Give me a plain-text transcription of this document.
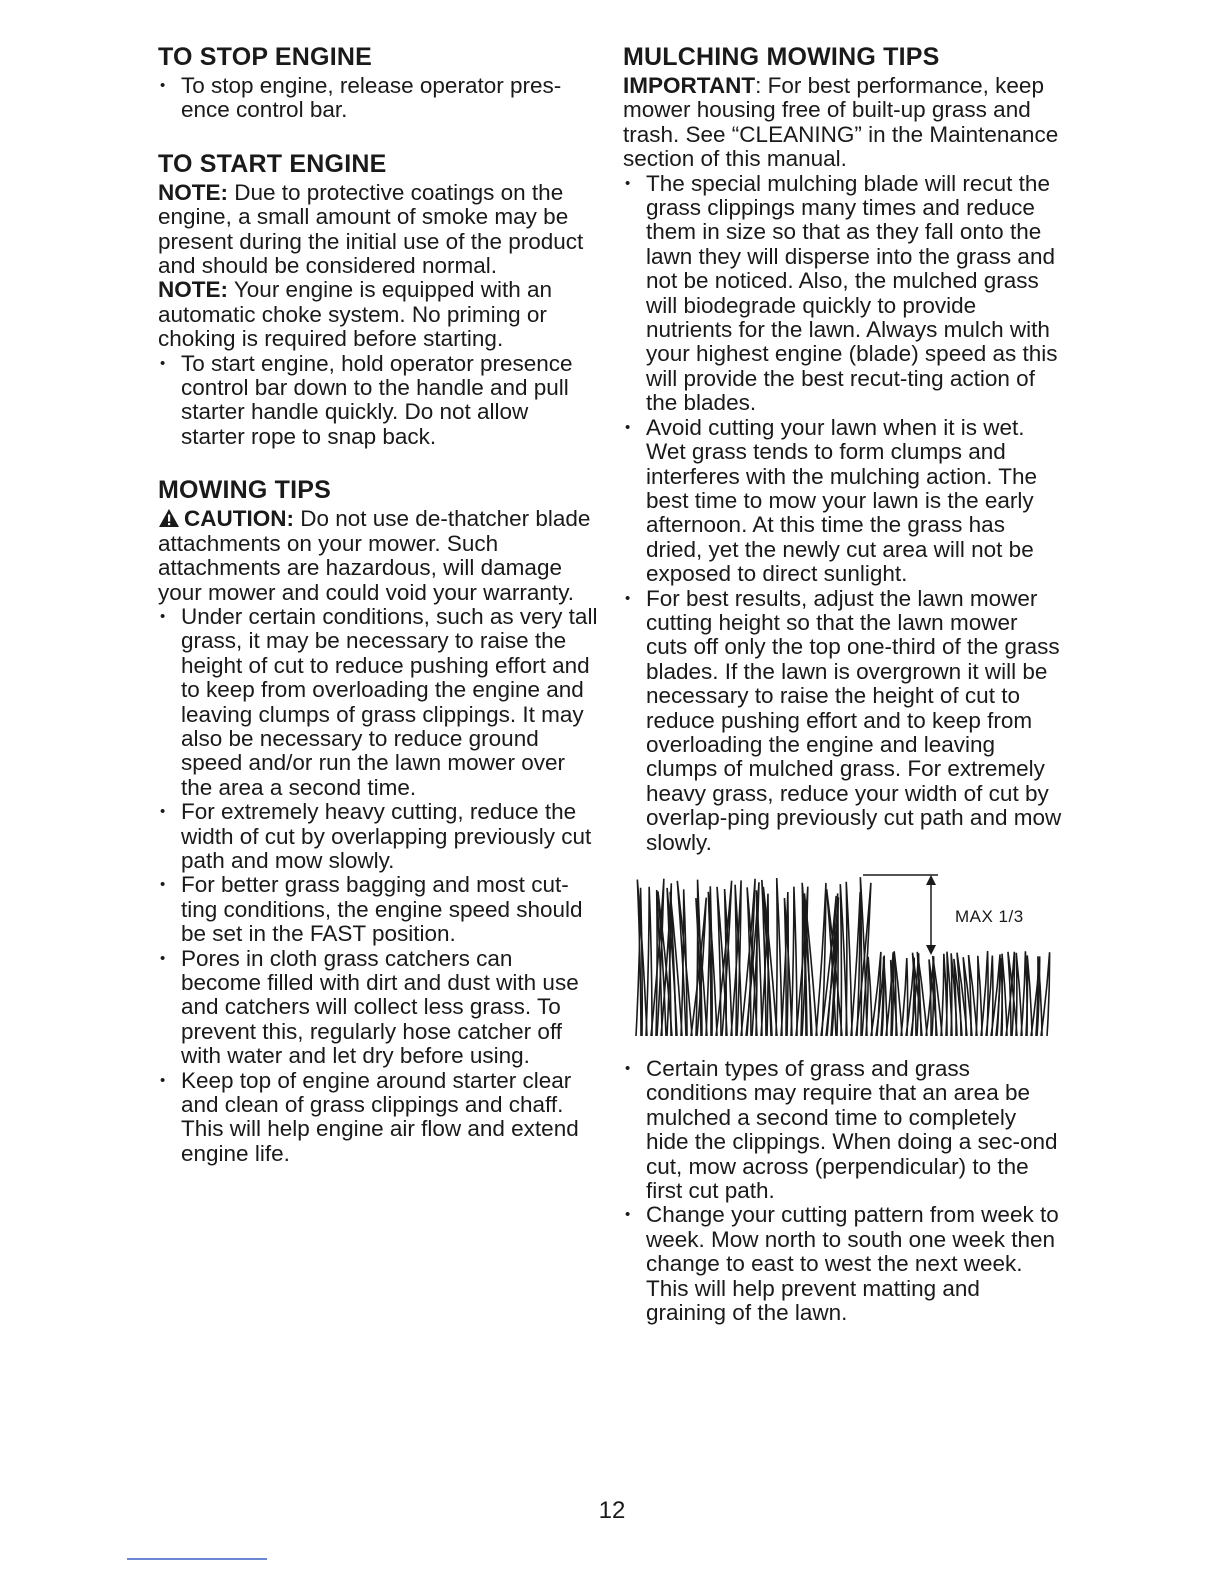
TO STOP ENGINE
• To stop engine, release operator pres-ence control bar.
TO START ENGINE

NOTE: Due to protective coatings on the engine, a small amount of smoke may be present during the initial use of the product and should be considered normal.

NOTE: Your engine is equipped with an automatic choke system. No priming or choking is required before starting.

• To start engine, hold operator presence control bar down to the handle and pull starter handle quickly. Do not allow starter rope to snap back.
MOWING TIPS

CAUTION: Do not use de-thatcher blade attachments on your mower. Such attachments are hazardous, will damage your mower and could void your warranty.

• Under certain conditions, such as very tall grass, it may be necessary to raise the height of cut to reduce pushing effort and to keep from overloading the engine and leaving clumps of grass clippings. It may also be necessary to reduce ground speed and/or run the lawn mower over the area a second time.
• For extremely heavy cutting, reduce the width of cut by overlapping previously cut path and mow slowly.
• For better grass bagging and most cut-ting conditions, the engine speed should be set in the FAST position.
• Pores in cloth grass catchers can become filled with dirt and dust with use and catchers will collect less grass. To prevent this, regularly hose catcher off with water and let dry before using.
• Keep top of engine around starter clear and clean of grass clippings and chaff. This will help engine air flow and extend engine life.
MULCHING MOWING TIPS

IMPORTANT: For best performance, keep mower housing free of built-up grass and trash. See “CLEANING” in the Maintenance section of this manual.

• The special mulching blade will recut the grass clippings many times and reduce them in size so that as they fall onto the lawn they will disperse into the grass and not be noticed. Also, the mulched grass will biodegrade quickly to provide nutrients for the lawn. Always mulch with your highest engine (blade) speed as this will provide the best recut-ting action of the blades.
• Avoid cutting your lawn when it is wet. Wet grass tends to form clumps and interferes with the mulching action. The best time to mow your lawn is the early afternoon. At this time the grass has dried, yet the newly cut area will not be exposed to direct sunlight.
• For best results, adjust the lawn mower cutting height so that the lawn mower cuts off only the top one-third of the grass blades. If the lawn is overgrown it will be necessary to raise the height of cut to reduce pushing effort and to keep from overloading the engine and leaving clumps of mulched grass. For extremely heavy grass, reduce your width of cut by overlap-ping previously cut path and mow slowly.
MAX 1/3
• Certain types of grass and grass conditions may require that an area be mulched a second time to completely hide the clippings. When doing a sec-ond cut, mow across (perpendicular) to the first cut path.
• Change your cutting pattern from week to week. Mow north to south one week then change to east to west the next week. This will help prevent matting and graining of the lawn.
12
